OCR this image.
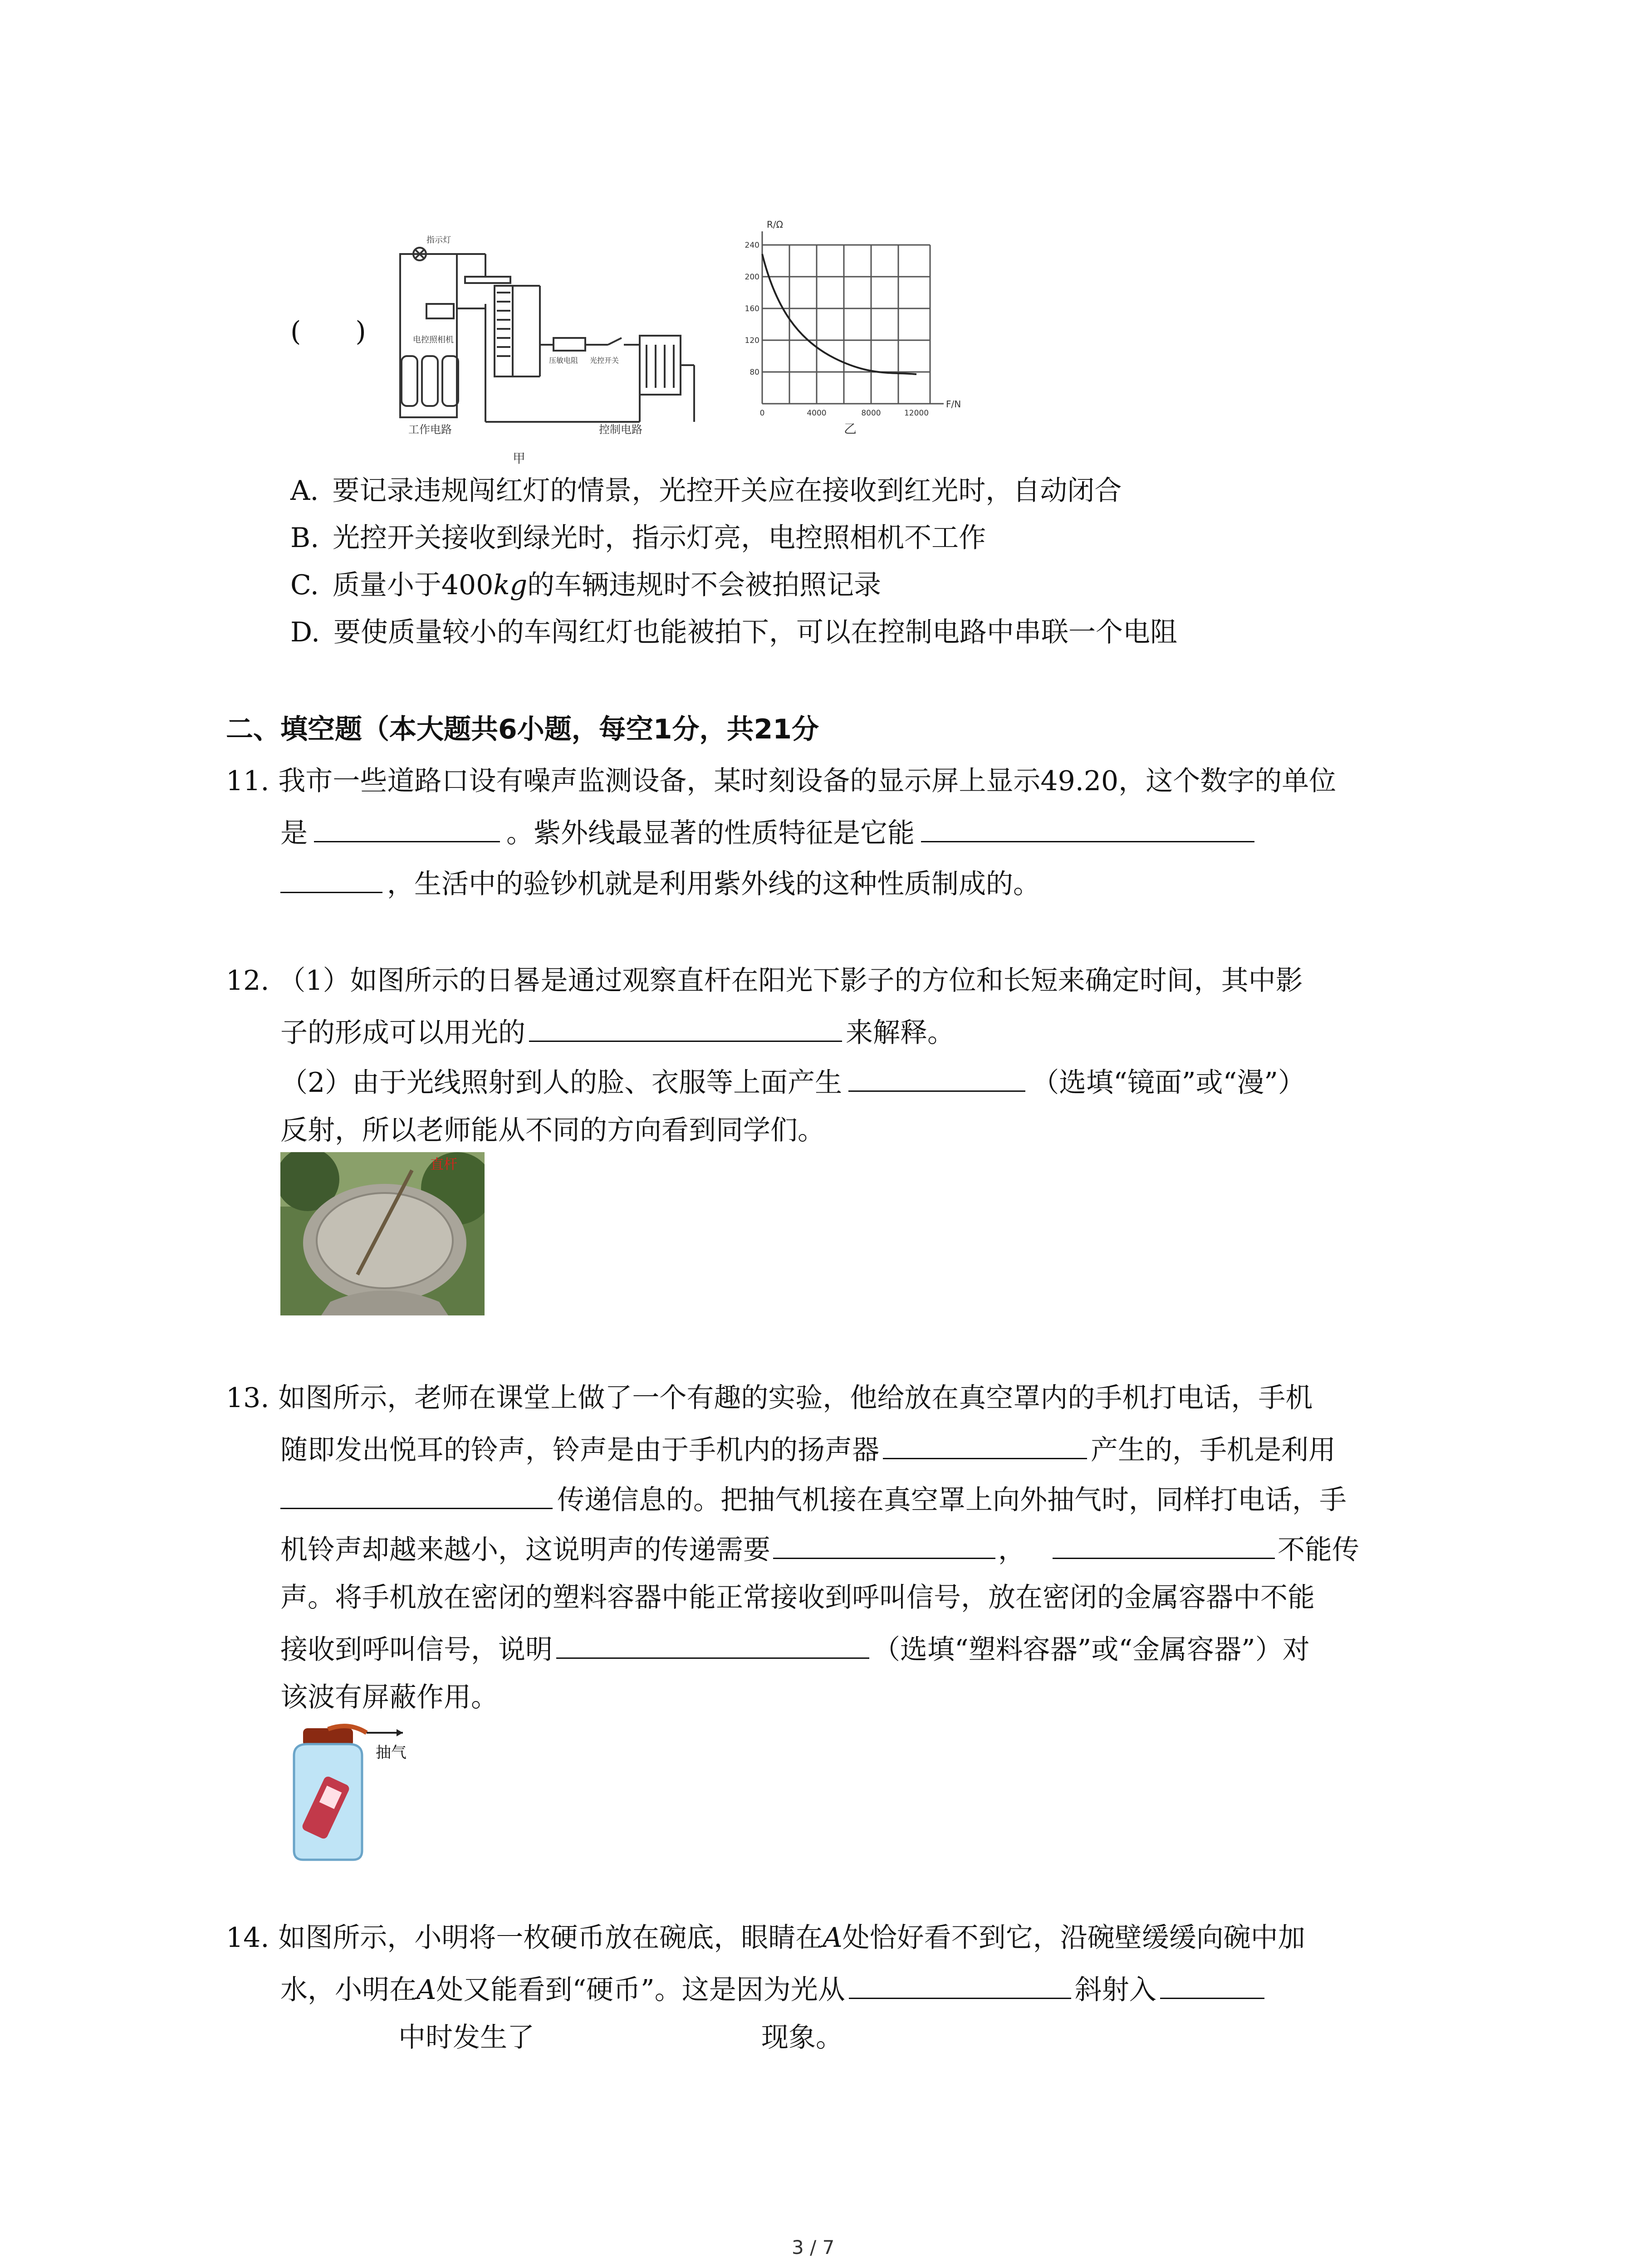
(　　)
指示灯
电控照相机
工作电路	控制电路
压敏电阻 光控开关
甲
R/Ω
F/N
240
200
160
120
80
0	4000	8000	12000
乙
A. 要记录违规闯红灯的情景，光控开关应在接收到红光时，自动闭合
B. 光控开关接收到绿光时，指示灯亮，电控照相机不工作
C. 质量小于400kg的车辆违规时不会被拍照记录
D. 要使质量较小的车闯红灯也能被拍下，可以在控制电路中串联一个电阻
二、填空题（本大题共6小题，每空1分，共21分
11. 我市一些道路口设有噪声监测设备，某时刻设备的显示屏上显示49.20，这个数字的单位
是	。紫外线最显著的性质特征是它能
，生活中的验钞机就是利用紫外线的这种性质制成的。
12. （1）如图所示的日晷是通过观察直杆在阳光下影子的方位和长短来确定时间，其中影
子的形成可以用光的	来解释。
（2）由于光线照射到人的脸、衣服等上面产生	（选填“镜面”或“漫”）
反射，所以老师能从不同的方向看到同学们。
直杆
13. 如图所示，老师在课堂上做了一个有趣的实验，他给放在真空罩内的手机打电话，手机
随即发出悦耳的铃声，铃声是由于手机内的扬声器	产生的，手机是利用
传递信息的。把抽气机接在真空罩上向外抽气时，同样打电话，手
机铃声却越来越小，这说明声的传递需要	，	不能传
声。将手机放在密闭的塑料容器中能正常接收到呼叫信号，放在密闭的金属容器中不能
接收到呼叫信号，说明	（选填“塑料容器”或“金属容器”）对
该波有屏蔽作用。
抽气
14. 如图所示，小明将一枚硬币放在碗底，眼睛在A处恰好看不到它，沿碗壁缓缓向碗中加
水，小明在A处又能看到“硬币”。这是因为光从	斜射入
中时发生了	现象。
3 / 7
